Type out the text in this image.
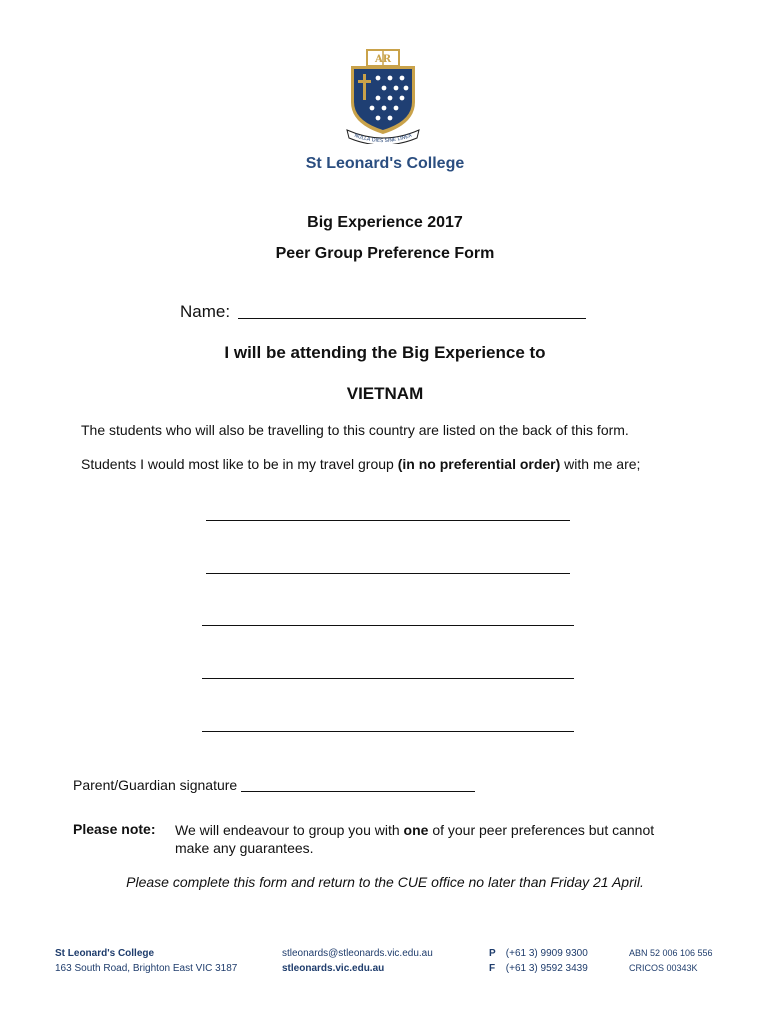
AR
NULLA DIES SINE LINEA
St Leonard's College
Big Experience 2017
Peer Group Preference Form
Name:
I will be attending the Big Experience to
VIETNAM
The students who will also be travelling to this country are listed on the back of this form.
Students I would most like to be in my travel group (in no preferential order) with me are;
Parent/Guardian signature
Please note: We will endeavour to group you with one of your peer preferences but cannot make any guarantees.
Please complete this form and return to the CUE office no later than Friday 21 April.
St Leonard's College
163 South Road, Brighton East VIC 3187
stleonards@stleonards.vic.edu.au
stleonards.vic.edu.au
P (+61 3) 9909 9300
F (+61 3) 9592 3439
ABN 52 006 106 556
CRICOS 00343K
